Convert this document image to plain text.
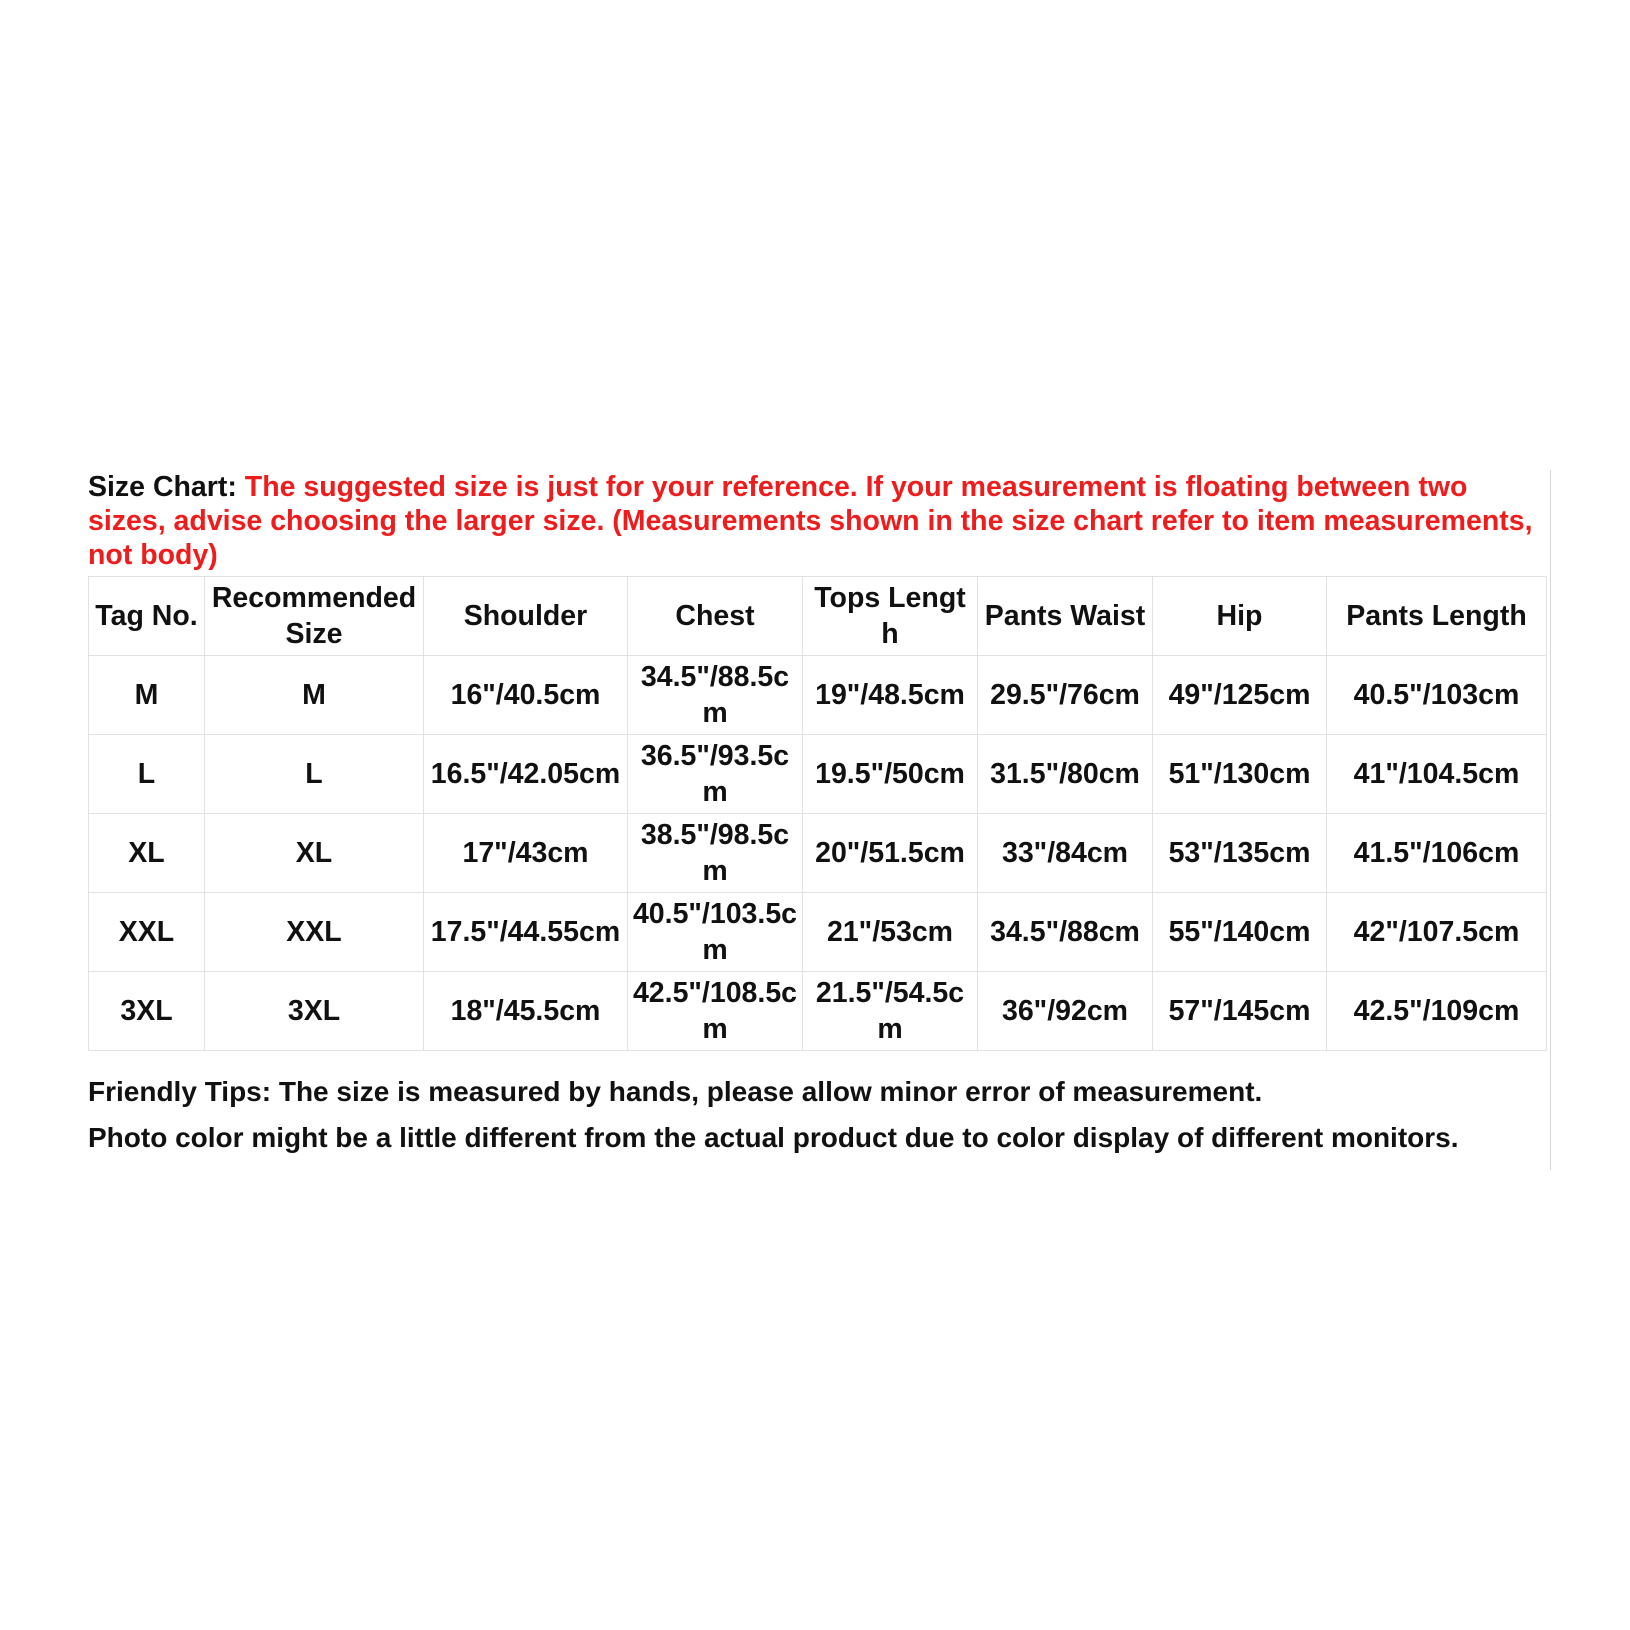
Size Chart: The suggested size is just for your reference. If your measurement is floating between two sizes, advise choosing the larger size. (Measurements shown in the size chart refer to item measurements, not body)

Tag No.	Recommended Size	Shoulder	Chest	Tops Length	Pants Waist	Hip	Pants Length
M	M	16"/40.5cm	34.5"/88.5cm	19"/48.5cm	29.5"/76cm	49"/125cm	40.5"/103cm
L	L	16.5"/42.05cm	36.5"/93.5cm	19.5"/50cm	31.5"/80cm	51"/130cm	41"/104.5cm
XL	XL	17"/43cm	38.5"/98.5cm	20"/51.5cm	33"/84cm	53"/135cm	41.5"/106cm
XXL	XXL	17.5"/44.55cm	40.5"/103.5cm	21"/53cm	34.5"/88cm	55"/140cm	42"/107.5cm
3XL	3XL	18"/45.5cm	42.5"/108.5cm	21.5"/54.5cm	36"/92cm	57"/145cm	42.5"/109cm
Friendly Tips: The size is measured by hands, please allow minor error of measurement.
Photo color might be a little different from the actual product due to color display of different monitors.
